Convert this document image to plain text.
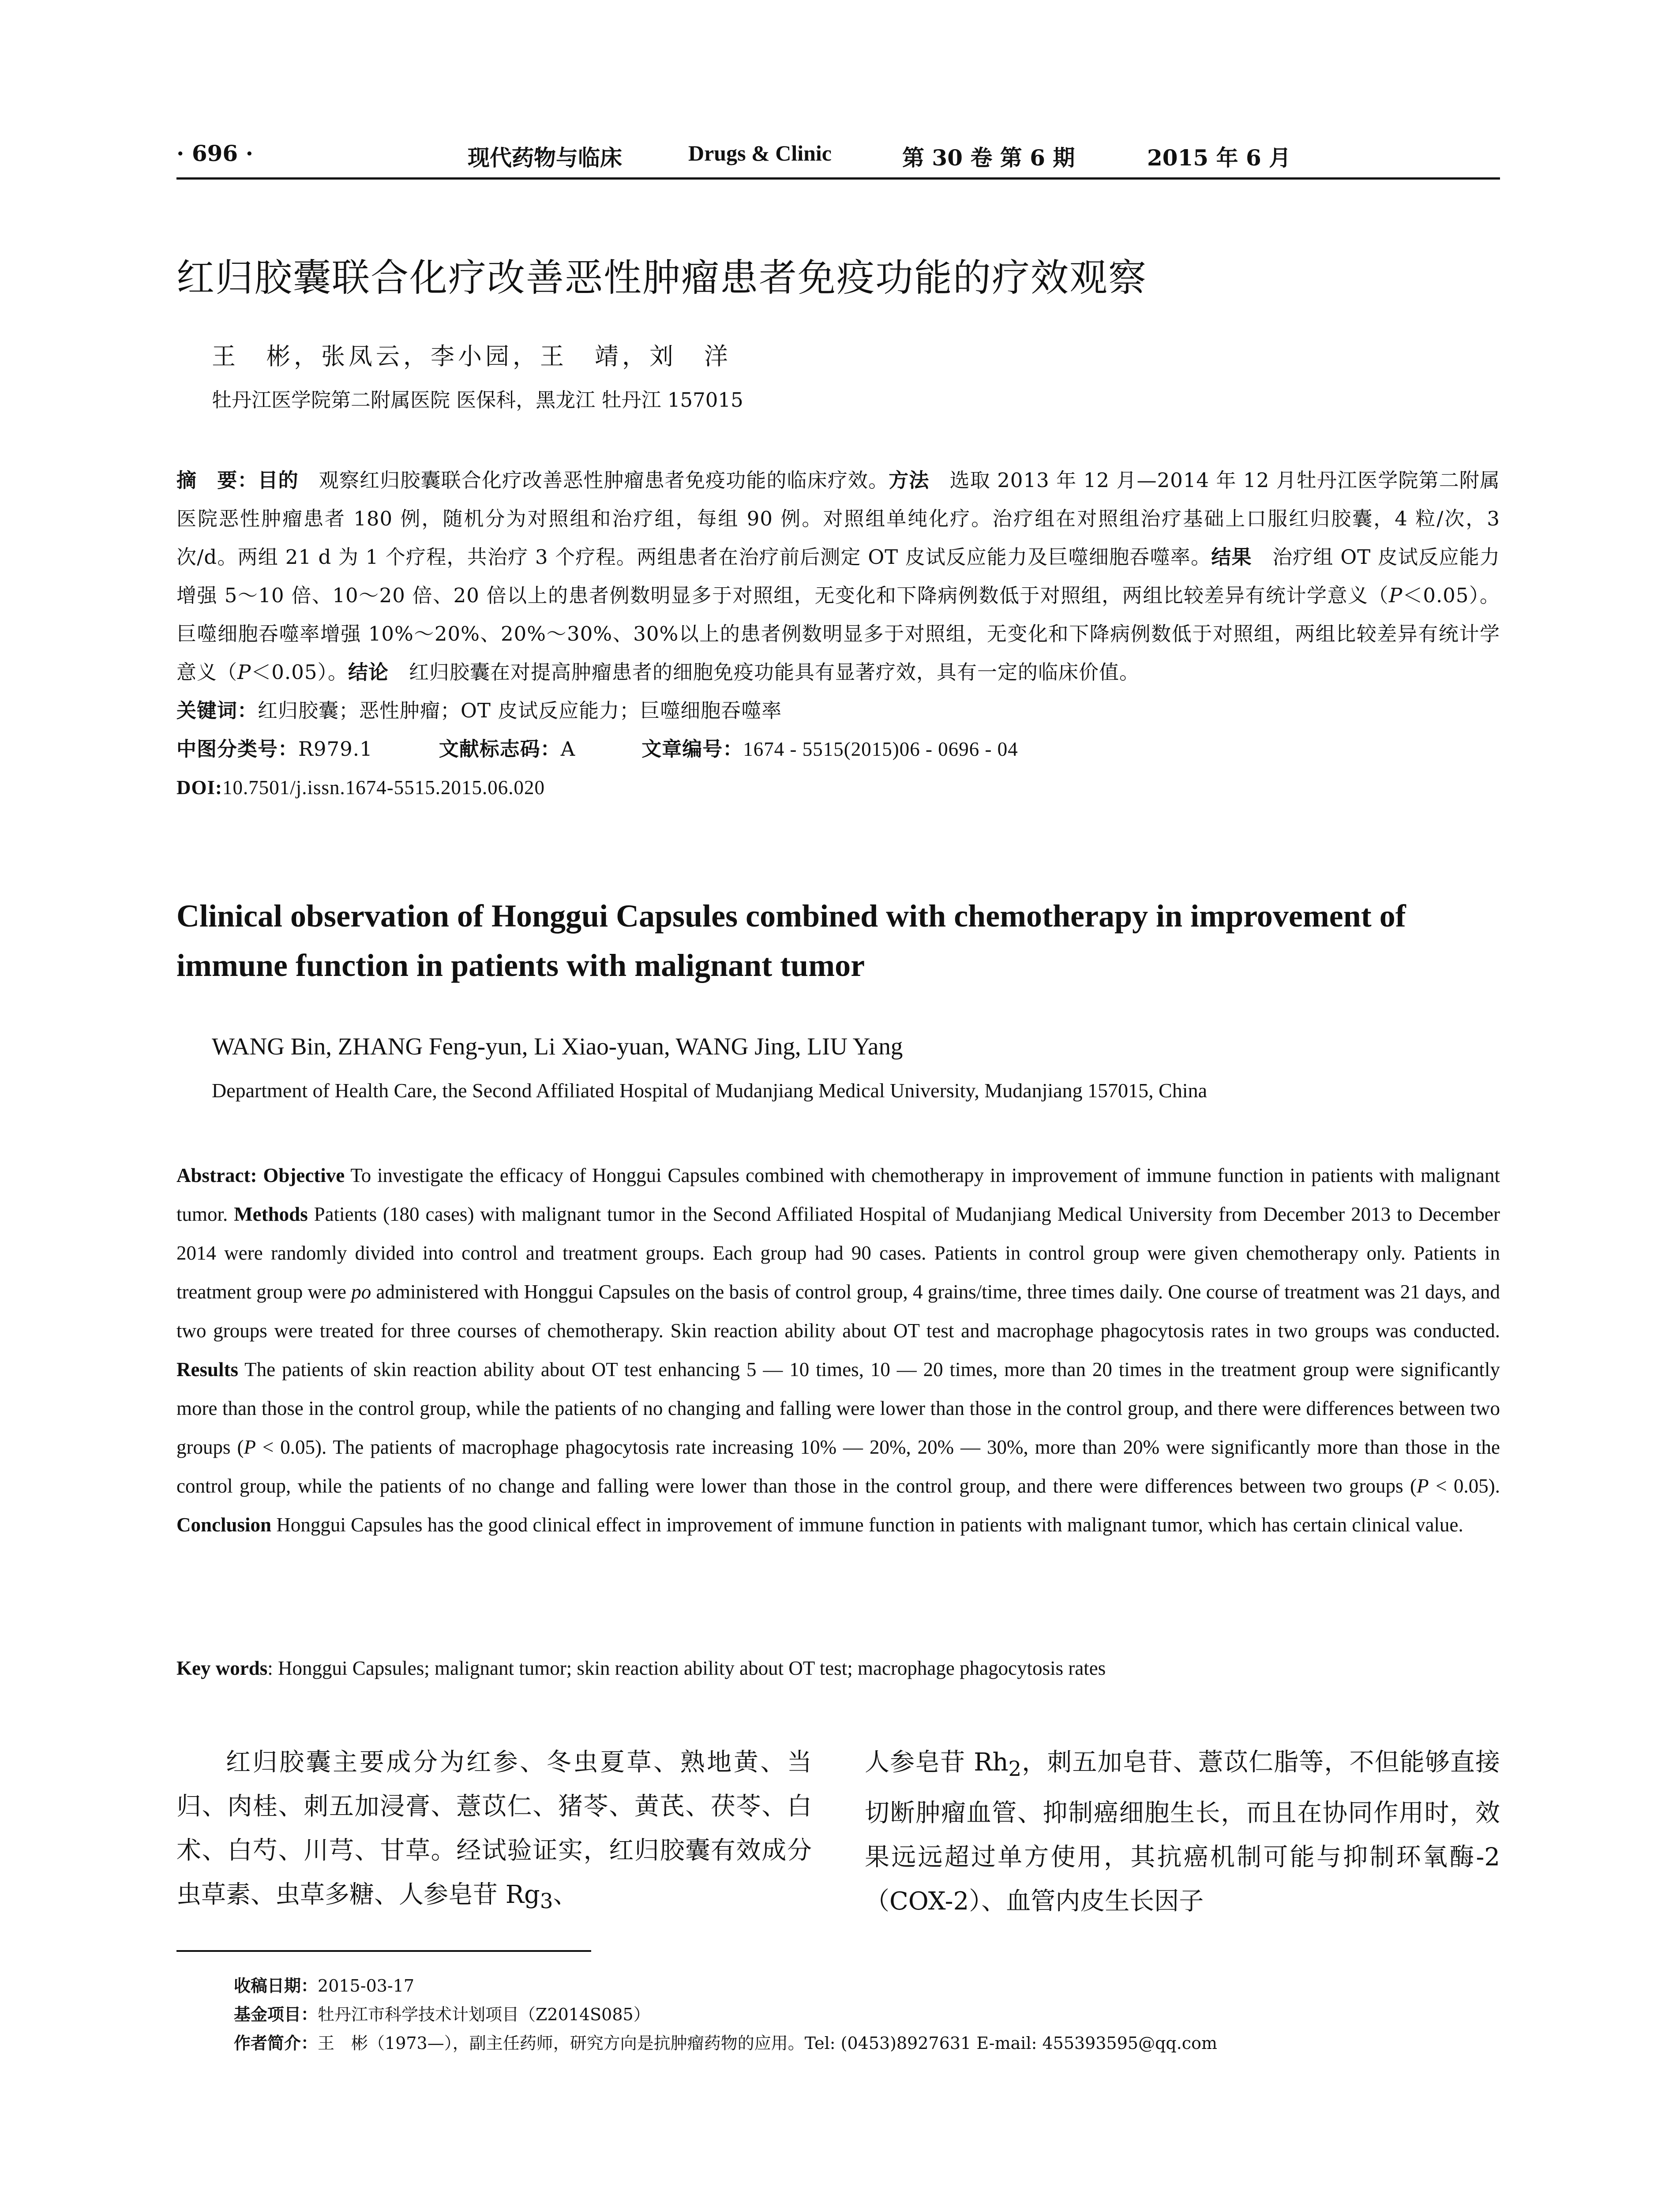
· 696 ·	现代药物与临床	Drugs & Clinic	第 30 卷 第 6 期	2015 年 6 月
红归胶囊联合化疗改善恶性肿瘤患者免疫功能的疗效观察
王　彬，张凤云，李小园，王　靖，刘　洋
牡丹江医学院第二附属医院 医保科，黑龙江 牡丹江 157015
摘　要：目的　观察红归胶囊联合化疗改善恶性肿瘤患者免疫功能的临床疗效。方法　选取 2013 年 12 月—2014 年 12 月牡丹江医学院第二附属医院恶性肿瘤患者 180 例，随机分为对照组和治疗组，每组 90 例。对照组单纯化疗。治疗组在对照组治疗基础上口服红归胶囊，4 粒/次，3 次/d。两组 21 d 为 1 个疗程，共治疗 3 个疗程。两组患者在治疗前后测定 OT 皮试反应能力及巨噬细胞吞噬率。结果　治疗组 OT 皮试反应能力增强 5～10 倍、10～20 倍、20 倍以上的患者例数明显多于对照组，无变化和下降病例数低于对照组，两组比较差异有统计学意义（P＜0.05）。巨噬细胞吞噬率增强 10%～20%、20%～30%、30%以上的患者例数明显多于对照组，无变化和下降病例数低于对照组，两组比较差异有统计学意义（P＜0.05）。结论　红归胶囊在对提高肿瘤患者的细胞免疫功能具有显著疗效，具有一定的临床价值。
关键词：红归胶囊；恶性肿瘤；OT 皮试反应能力；巨噬细胞吞噬率
中图分类号：R979.1	文献标志码：A	文章编号：1674 - 5515(2015)06 - 0696 - 04
DOI:10.7501/j.issn.1674-5515.2015.06.020
Clinical observation of Honggui Capsules combined with chemotherapy in improvement of immune function in patients with malignant tumor
WANG Bin, ZHANG Feng-yun, Li Xiao-yuan, WANG Jing, LIU Yang
Department of Health Care, the Second Affiliated Hospital of Mudanjiang Medical University, Mudanjiang 157015, China
Abstract: Objective To investigate the efficacy of Honggui Capsules combined with chemotherapy in improvement of immune function in patients with malignant tumor. Methods Patients (180 cases) with malignant tumor in the Second Affiliated Hospital of Mudanjiang Medical University from December 2013 to December 2014 were randomly divided into control and treatment groups. Each group had 90 cases. Patients in control group were given chemotherapy only. Patients in treatment group were po administered with Honggui Capsules on the basis of control group, 4 grains/time, three times daily. One course of treatment was 21 days, and two groups were treated for three courses of chemotherapy. Skin reaction ability about OT test and macrophage phagocytosis rates in two groups was conducted. Results The patients of skin reaction ability about OT test enhancing 5 — 10 times, 10 — 20 times, more than 20 times in the treatment group were significantly more than those in the control group, while the patients of no changing and falling were lower than those in the control group, and there were differences between two groups (P < 0.05). The patients of macrophage phagocytosis rate increasing 10% — 20%, 20% — 30%, more than 20% were significantly more than those in the control group, while the patients of no change and falling were lower than those in the control group, and there were differences between two groups (P < 0.05). Conclusion Honggui Capsules has the good clinical effect in improvement of immune function in patients with malignant tumor, which has certain clinical value.
Key words: Honggui Capsules; malignant tumor; skin reaction ability about OT test; macrophage phagocytosis rates
红归胶囊主要成分为红参、冬虫夏草、熟地黄、当归、肉桂、刺五加浸膏、薏苡仁、猪苓、黄芪、茯苓、白术、白芍、川芎、甘草。经试验证实，红归胶囊有效成分虫草素、虫草多糖、人参皂苷 $Rg_3$、
人参皂苷 $Rh_2$，刺五加皂苷、薏苡仁脂等，不但能够直接切断肿瘤血管、抑制癌细胞生长，而且在协同作用时，效果远远超过单方使用，其抗癌机制可能与抑制环氧酶-2（COX-2）、血管内皮生长因子
收稿日期：2015-03-17
基金项目：牡丹江市科学技术计划项目（Z2014S085）
作者简介：王　彬（1973—），副主任药师，研究方向是抗肿瘤药物的应用。Tel: (0453)8927631 E-mail: 455393595@qq.com
